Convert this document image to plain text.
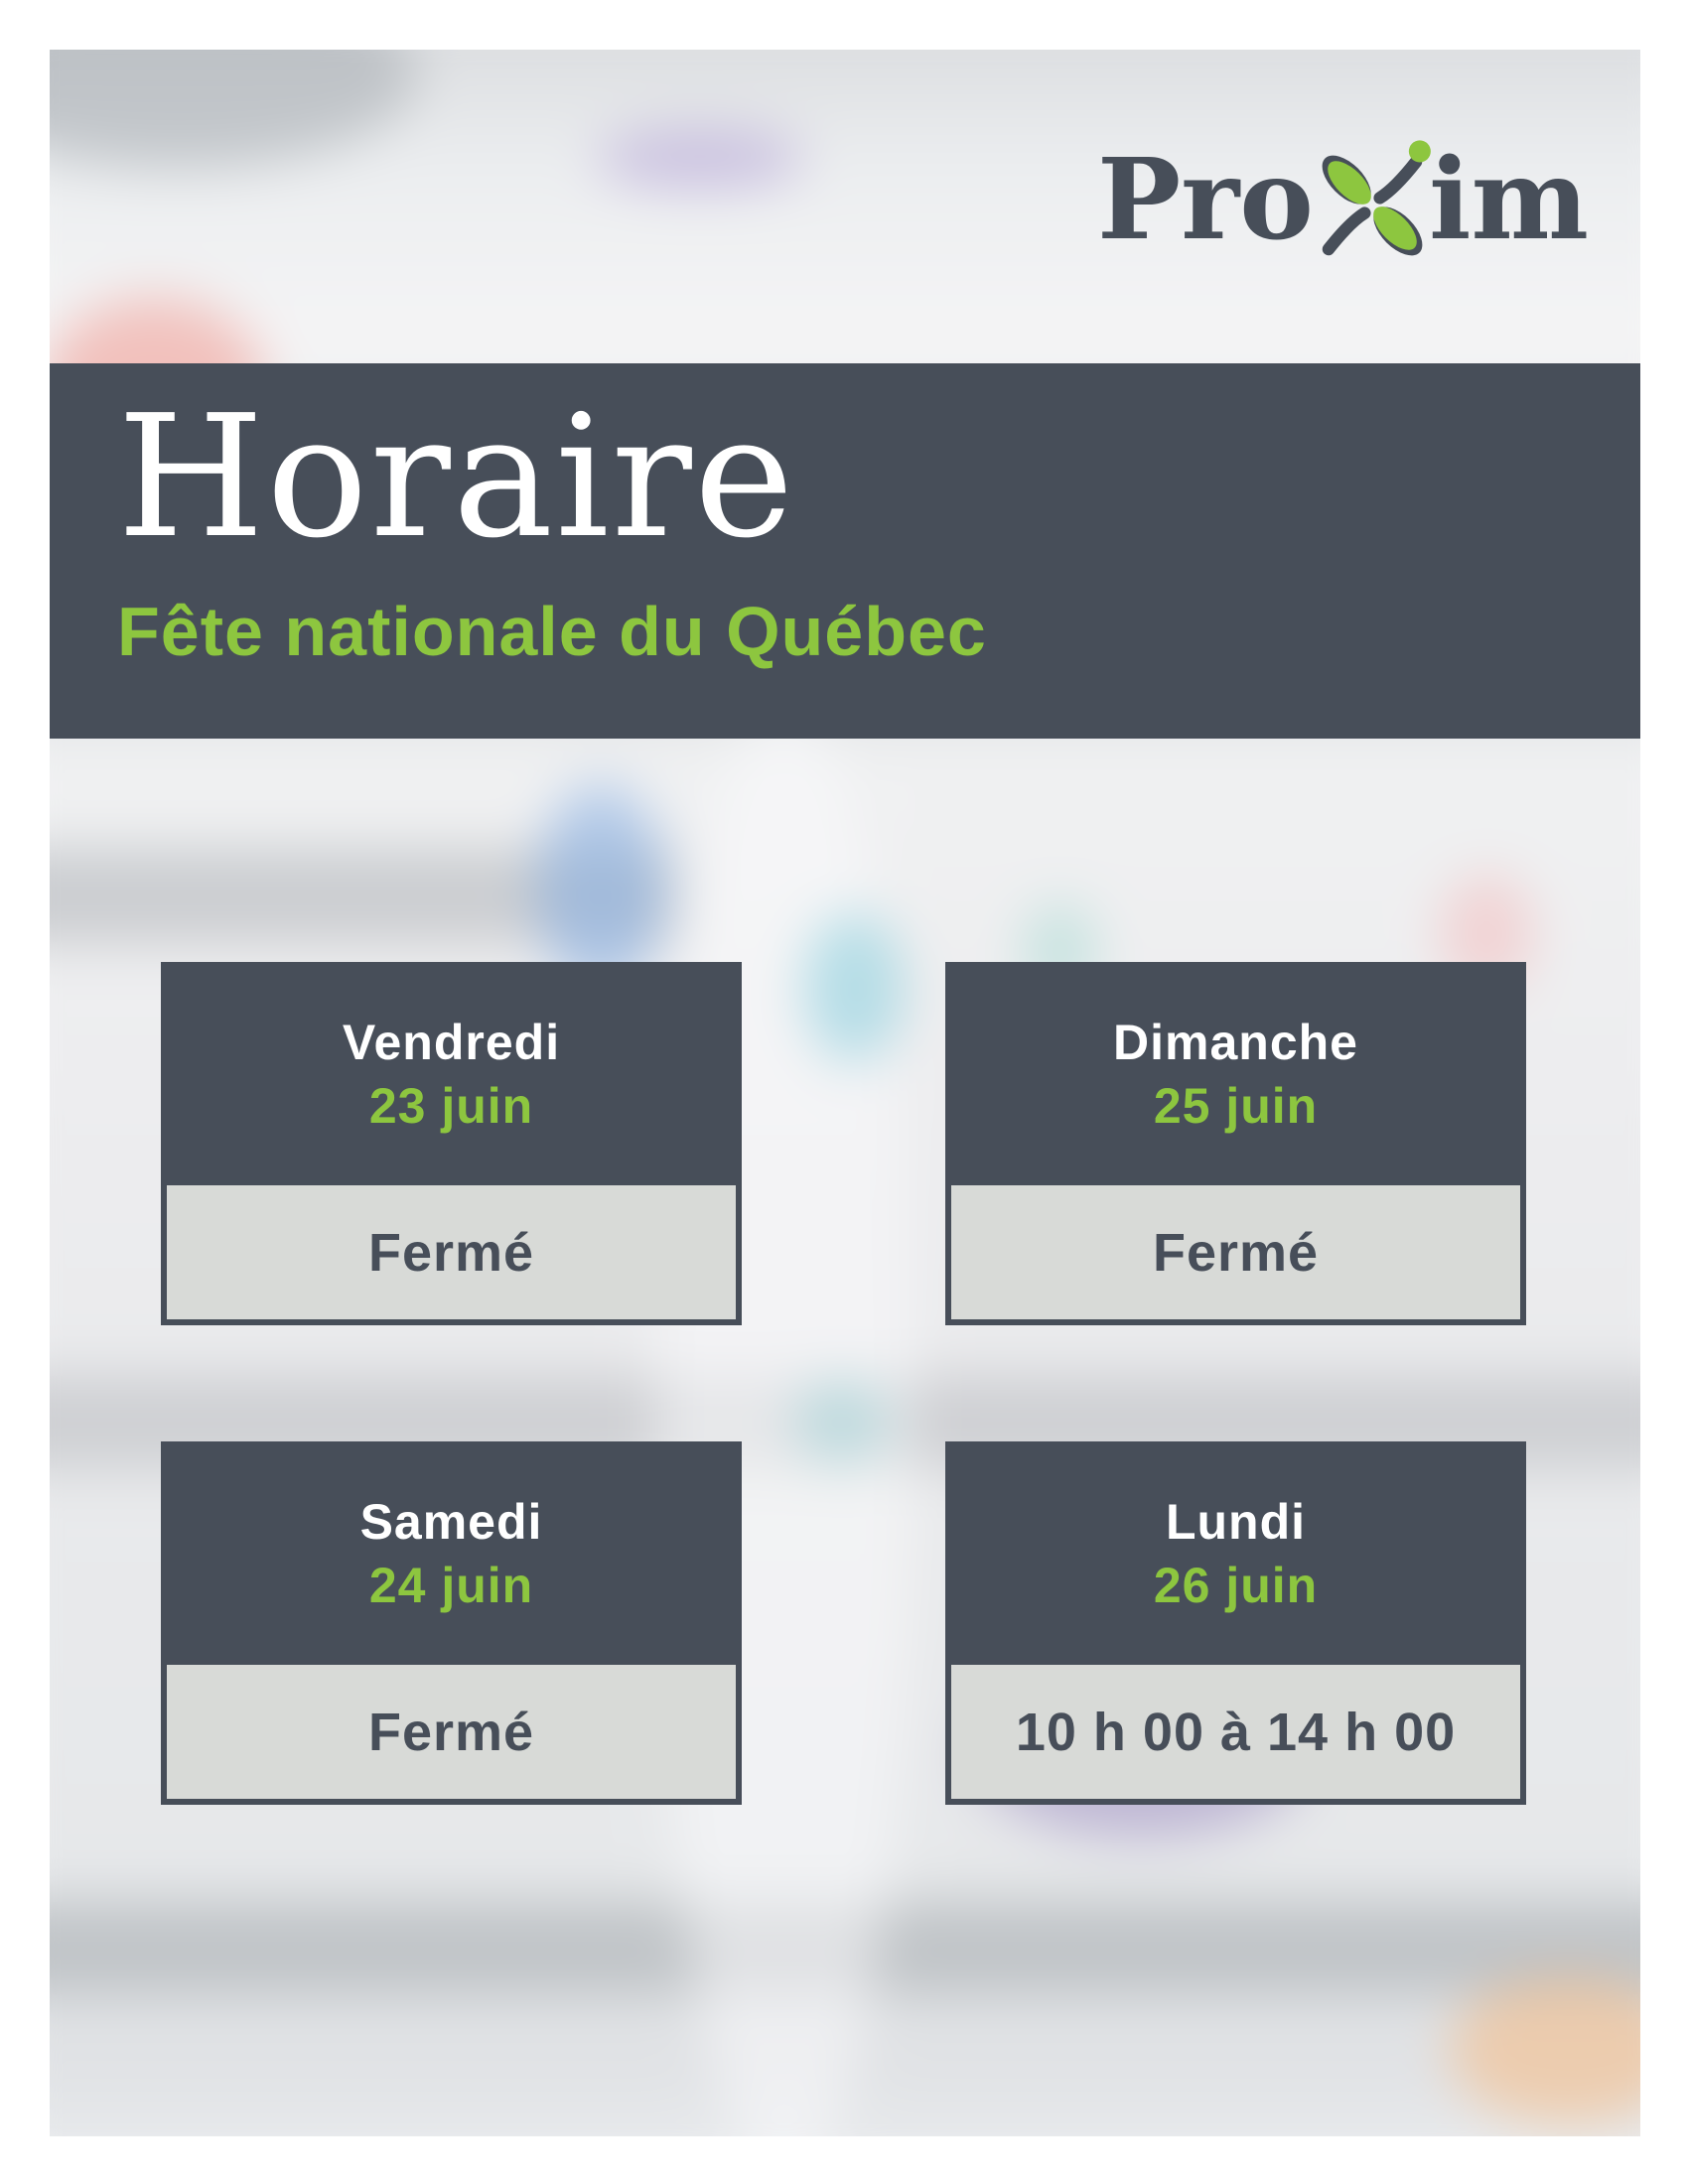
Pro im
Horaire
Fête nationale du Québec
Vendredi
23 juin
Fermé
Dimanche
25 juin
Fermé
Samedi
24 juin
Fermé
Lundi
26 juin
10 h 00 à 14 h 00
